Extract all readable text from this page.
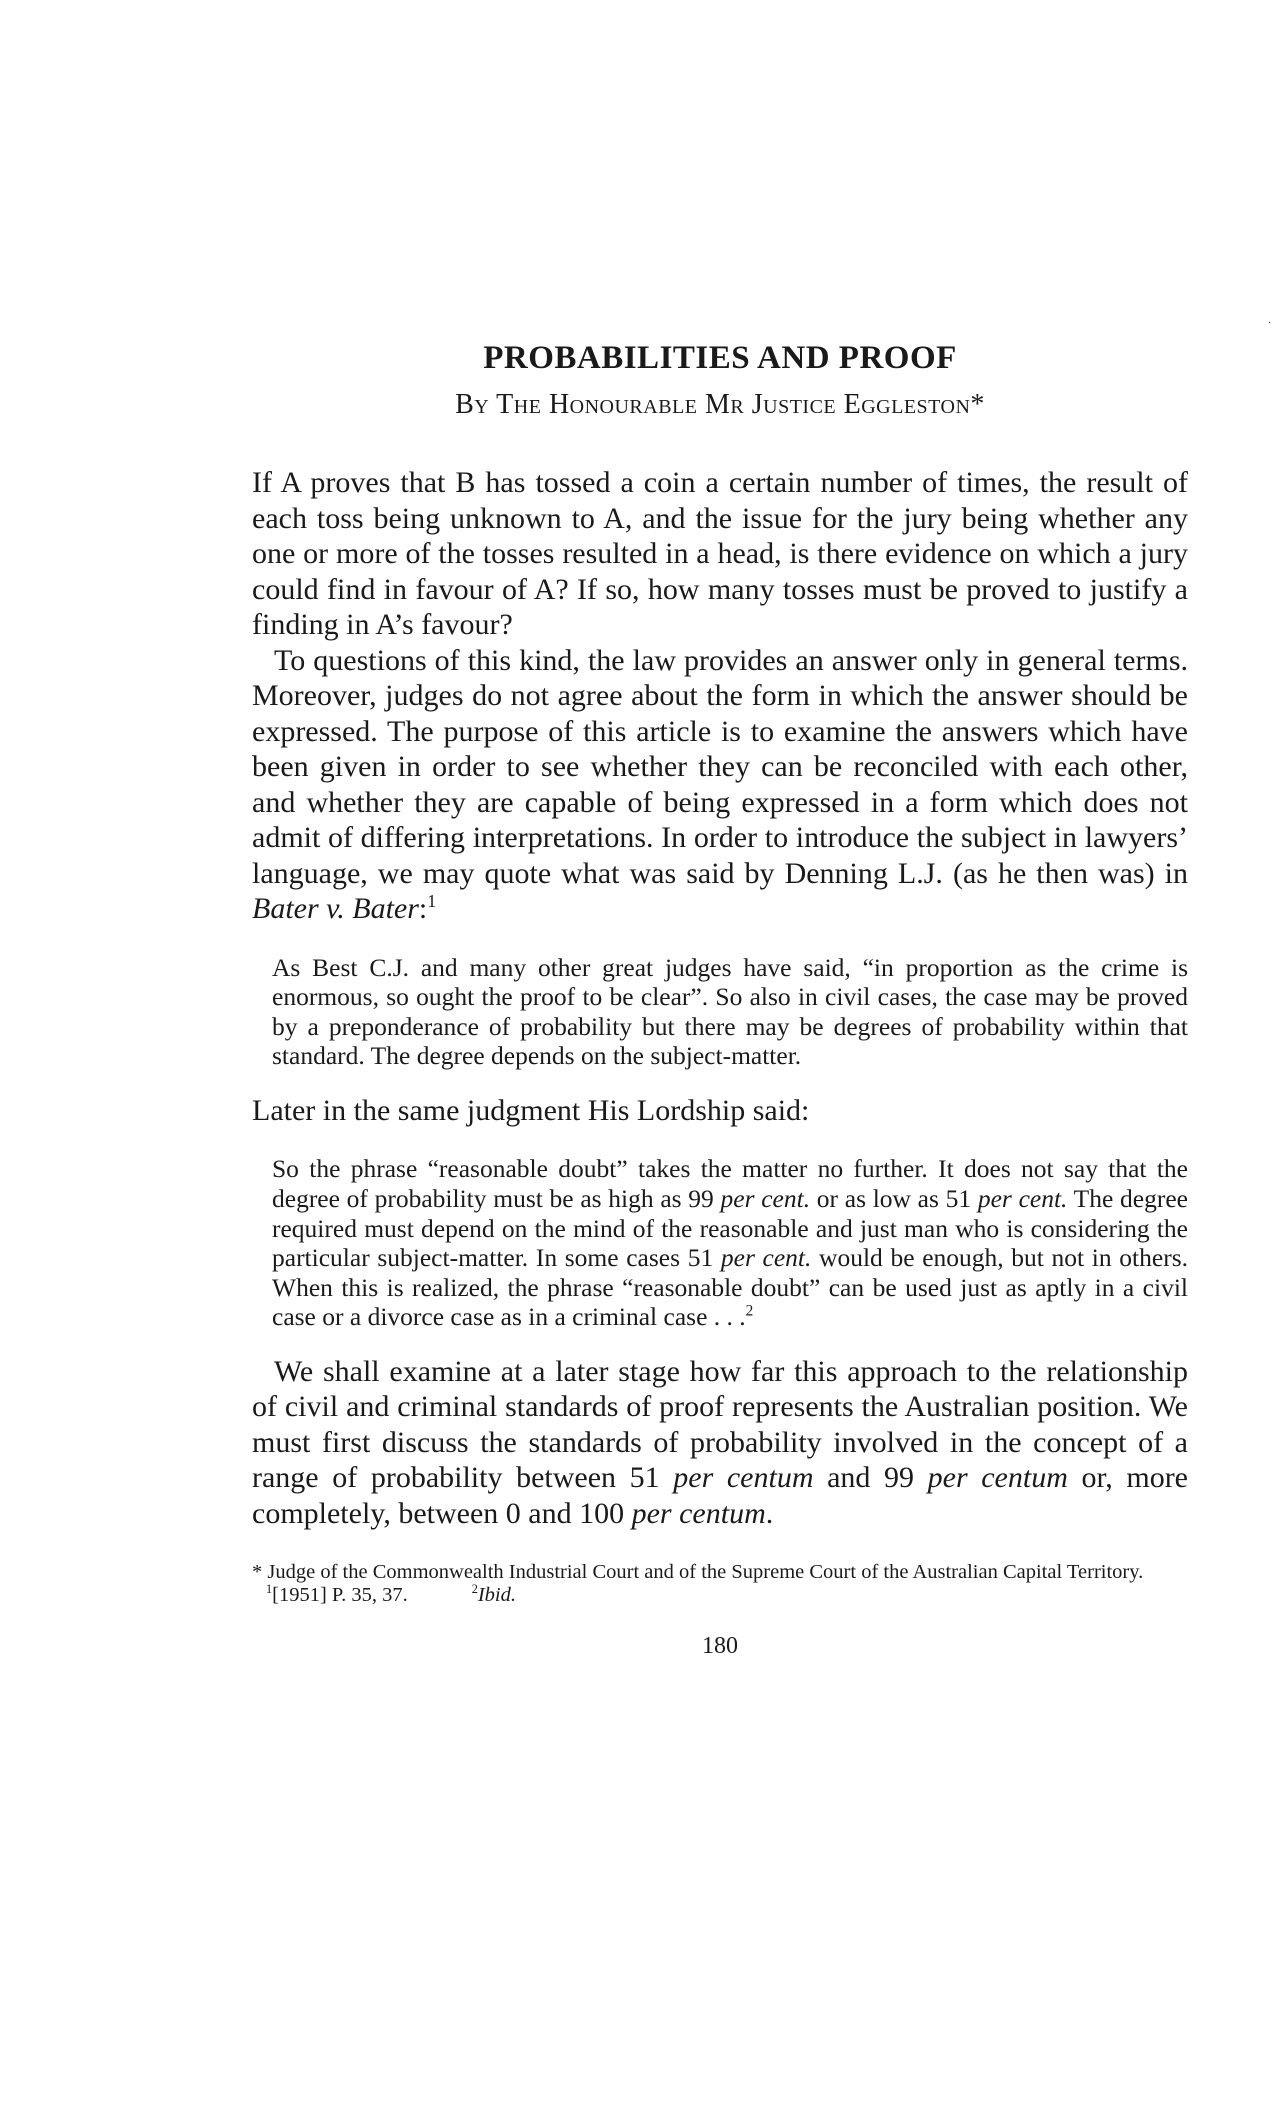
PROBABILITIES AND PROOF
By The Honourable Mr Justice Eggleston*

If A proves that B has tossed a coin a certain number of times, the result of each toss being unknown to A, and the issue for the jury being whether any one or more of the tosses resulted in a head, is there evidence on which a jury could find in favour of A? If so, how many tosses must be proved to justify a finding in A’s favour?

To questions of this kind, the law provides an answer only in general terms. Moreover, judges do not agree about the form in which the answer should be expressed. The purpose of this article is to examine the answers which have been given in order to see whether they can be reconciled with each other, and whether they are capable of being expressed in a form which does not admit of differing interpretations. In order to introduce the subject in lawyers’ language, we may quote what was said by Denning L.J. (as he then was) in Bater v. Bater:$^1$

As Best C.J. and many other great judges have said, “in proportion as the crime is enormous, so ought the proof to be clear”. So also in civil cases, the case may be proved by a preponderance of probability but there may be degrees of probability within that standard. The degree depends on the subject-matter.

Later in the same judgment His Lordship said:

So the phrase “reasonable doubt” takes the matter no further. It does not say that the degree of probability must be as high as 99 per cent. or as low as 51 per cent. The degree required must depend on the mind of the reasonable and just man who is considering the particular subject-matter. In some cases 51 per cent. would be enough, but not in others. When this is realized, the phrase “reasonable doubt” can be used just as aptly in a civil case or a divorce case as in a criminal case . . .$^2$

We shall examine at a later stage how far this approach to the relationship of civil and criminal standards of proof represents the Australian position. We must first discuss the standards of probability involved in the concept of a range of probability between 51 per centum and 99 per centum or, more completely, between 0 and 100 per centum.

* Judge of the Commonwealth Industrial Court and of the Supreme Court of the Australian Capital Territory.

$^1$[1951] P. 35, 37.	$^2$Ibid.

180
·
